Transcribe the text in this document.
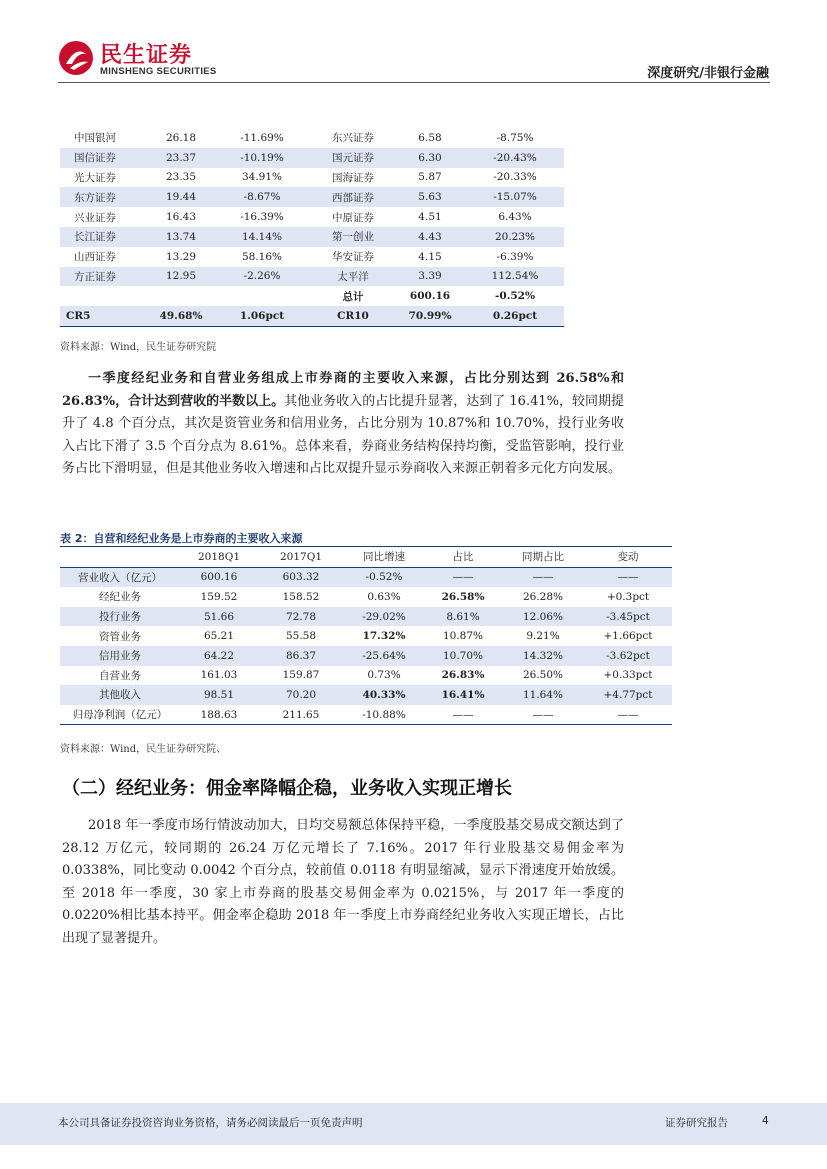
民生证券
MINSHENG SECURITIES	深度研究/非银行金融
中国银河	26.18	-11.69%	东兴证券	6.58	-8.75%
国信证券	23.37	-10.19%	国元证券	6.30	-20.43%
光大证券	23.35	34.91%	国海证券	5.87	-20.33%
东方证券	19.44	-8.67%	西部证券	5.63	-15.07%
兴业证券	16.43	-16.39%	中原证券	4.51	6.43%
长江证券	13.74	14.14%	第一创业	4.43	20.23%
山西证券	13.29	58.16%	华安证券	4.15	-6.39%
方正证券	12.95	-2.26%	太平洋	3.39	112.54%
			总计	600.16	-0.52%
CR5	49.68%	1.06pct	CR10	70.99%	0.26pct
资料来源：Wind，民生证券研究院
一季度经纪业务和自营业务组成上市券商的主要收入来源，占比分别达到 26.58%和 26.83%，合计达到营收的半数以上。其他业务收入的占比提升显著，达到了 16.41%，较同期提升了 4.8 个百分点，其次是资管业务和信用业务，占比分别为 10.87%和 10.70%，投行业务收入占比下滑了 3.5 个百分点为 8.61%。总体来看，券商业务结构保持均衡，受监管影响，投行业务占比下滑明显，但是其他业务收入增速和占比双提升显示券商收入来源正朝着多元化方向发展。
表 2：自营和经纪业务是上市券商的主要收入来源
	2018Q1	2017Q1	同比增速	占比	同期占比	变动
营业收入（亿元）	600.16	603.32	-0.52%	——	——	——
经纪业务	159.52	158.52	0.63%	26.58%	26.28%	+0.3pct
投行业务	51.66	72.78	-29.02%	8.61%	12.06%	-3.45pct
资管业务	65.21	55.58	17.32%	10.87%	9.21%	+1.66pct
信用业务	64.22	86.37	-25.64%	10.70%	14.32%	-3.62pct
自营业务	161.03	159.87	0.73%	26.83%	26.50%	+0.33pct
其他收入	98.51	70.20	40.33%	16.41%	11.64%	+4.77pct
归母净利润（亿元）	188.63	211.65	-10.88%	——	——	——
资料来源：Wind，民生证券研究院、
（二）经纪业务：佣金率降幅企稳，业务收入实现正增长
2018 年一季度市场行情波动加大，日均交易额总体保持平稳，一季度股基交易成交额达到了 28.12 万亿元，较同期的 26.24 万亿元增长了 7.16%。2017 年行业股基交易佣金率为 0.0338%，同比变动 0.0042 个百分点，较前值 0.0118 有明显缩减，显示下滑速度开始放缓。至 2018 年一季度，30 家上市券商的股基交易佣金率为 0.0215%，与 2017 年一季度的 0.0220%相比基本持平。佣金率企稳助 2018 年一季度上市券商经纪业务收入实现正增长，占比出现了显著提升。
本公司具备证券投资咨询业务资格，请务必阅读最后一页免责声明	证券研究报告	4
